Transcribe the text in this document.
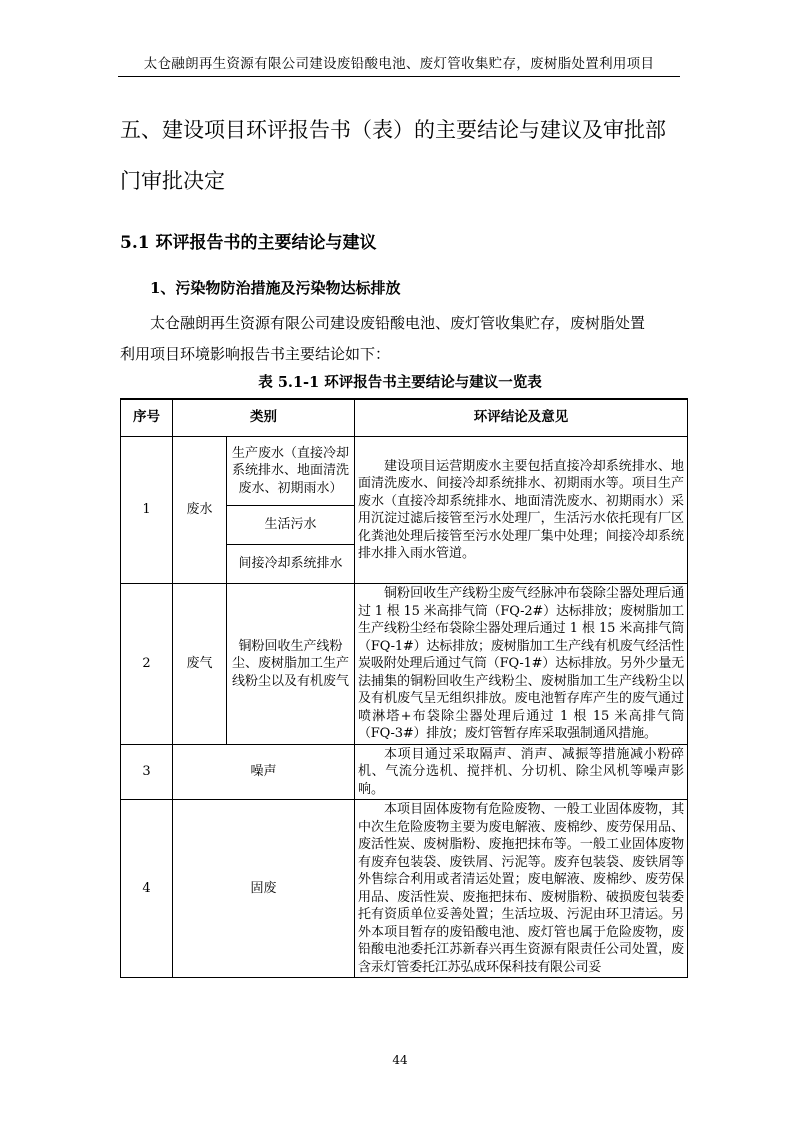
太仓融朗再生资源有限公司建设废铅酸电池、废灯管收集贮存，废树脂处置利用项目
五、建设项目环评报告书（表）的主要结论与建议及审批部
门审批决定
5.1 环评报告书的主要结论与建议
1、污染物防治措施及污染物达标排放
太仓融朗再生资源有限公司建设废铅酸电池、废灯管收集贮存，废树脂处置
利用项目环境影响报告书主要结论如下：
表 5.1-1 环评报告书主要结论与建议一览表
序号	类别		环评结论及意见
1	废水	生产废水（直接冷却系统排水、地面清洗废水、初期雨水）	建设项目运营期废水主要包括直接冷却系统排水、地面清洗废水、间接冷却系统排水、初期雨水等。项目生产废水（直接冷却系统排水、地面清洗废水、初期雨水）采用沉淀过滤后接管至污水处理厂，生活污水依托现有厂区化粪池处理后接管至污水处理厂集中处理；间接冷却系统排水排入雨水管道。
		生活污水	
		间接冷却系统排水	
2	废气	铜粉回收生产线粉尘、废树脂加工生产线粉尘以及有机废气	铜粉回收生产线粉尘废气经脉冲布袋除尘器处理后通过 1 根 15 米高排气筒（FQ-2#）达标排放；废树脂加工生产线粉尘经布袋除尘器处理后通过 1 根 15 米高排气筒（FQ-1#）达标排放；废树脂加工生产线有机废气经活性炭吸附处理后通过气筒（FQ-1#）达标排放。另外少量无法捕集的铜粉回收生产线粉尘、废树脂加工生产线粉尘以及有机废气呈无组织排放。废电池暂存库产生的废气通过喷淋塔+布袋除尘器处理后通过 1 根 15 米高排气筒（FQ-3#）排放；废灯管暂存库采取强制通风措施。
3	噪声		本项目通过采取隔声、消声、减振等措施减小粉碎机、气流分选机、搅拌机、分切机、除尘风机等噪声影响。
4	固废		本项目固体废物有危险废物、一般工业固体废物，其中次生危险废物主要为废电解液、废棉纱、废劳保用品、废活性炭、废树脂粉、废拖把抹布等。一般工业固体废物有废弃包装袋、废铁屑、污泥等。废弃包装袋、废铁屑等外售综合利用或者清运处置；废电解液、废棉纱、废劳保用品、废活性炭、废拖把抹布、废树脂粉、破损废包装委托有资质单位妥善处置；生活垃圾、污泥由环卫清运。另外本项目暂存的废铅酸电池、废灯管也属于危险废物，废铅酸电池委托江苏新春兴再生资源有限责任公司处置，废含汞灯管委托江苏弘成环保科技有限公司妥
44
